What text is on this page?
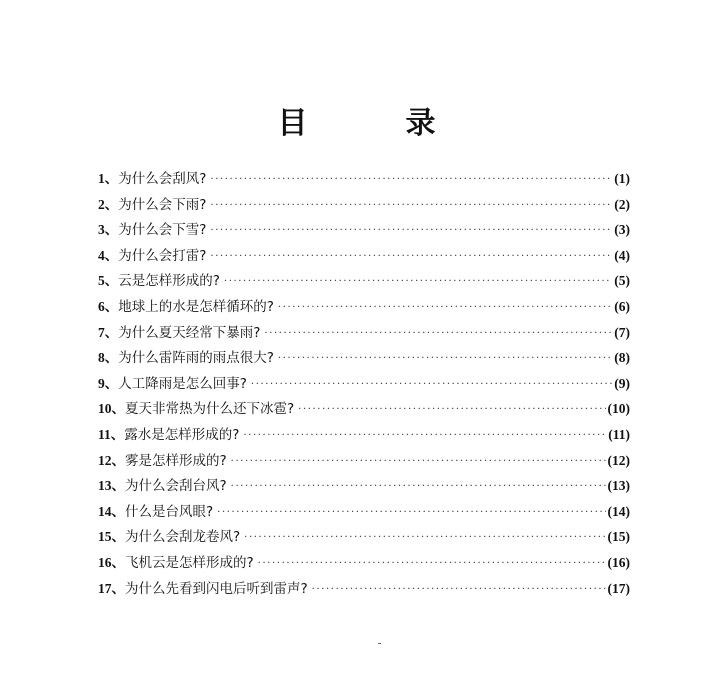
目　录
1、 为什么会刮风? ·····	(1)
2、 为什么会下雨? ·····	(2)
3、 为什么会下雪? ·····	(3)
4、 为什么会打雷? ·····	(4)
5、 云是怎样形成的? ·····	(5)
6、 地球上的水是怎样循环的? ·····	(6)
7、 为什么夏天经常下暴雨? ·····	(7)
8、 为什么雷阵雨的雨点很大? ·····	(8)
9、 人工降雨是怎么回事? ·····	(9)
10、 夏天非常热为什么还下冰雹? ·····	(10)
11、 露水是怎样形成的? ·····	(11)
12、 雾是怎样形成的? ·····	(12)
13、 为什么会刮台风? ·····	(13)
14、 什么是台风眼? ·····	(14)
15、 为什么会刮龙卷风? ·····	(15)
16、 飞机云是怎样形成的? ·····	(16)
17、 为什么先看到闪电后听到雷声? ·····	(17)
